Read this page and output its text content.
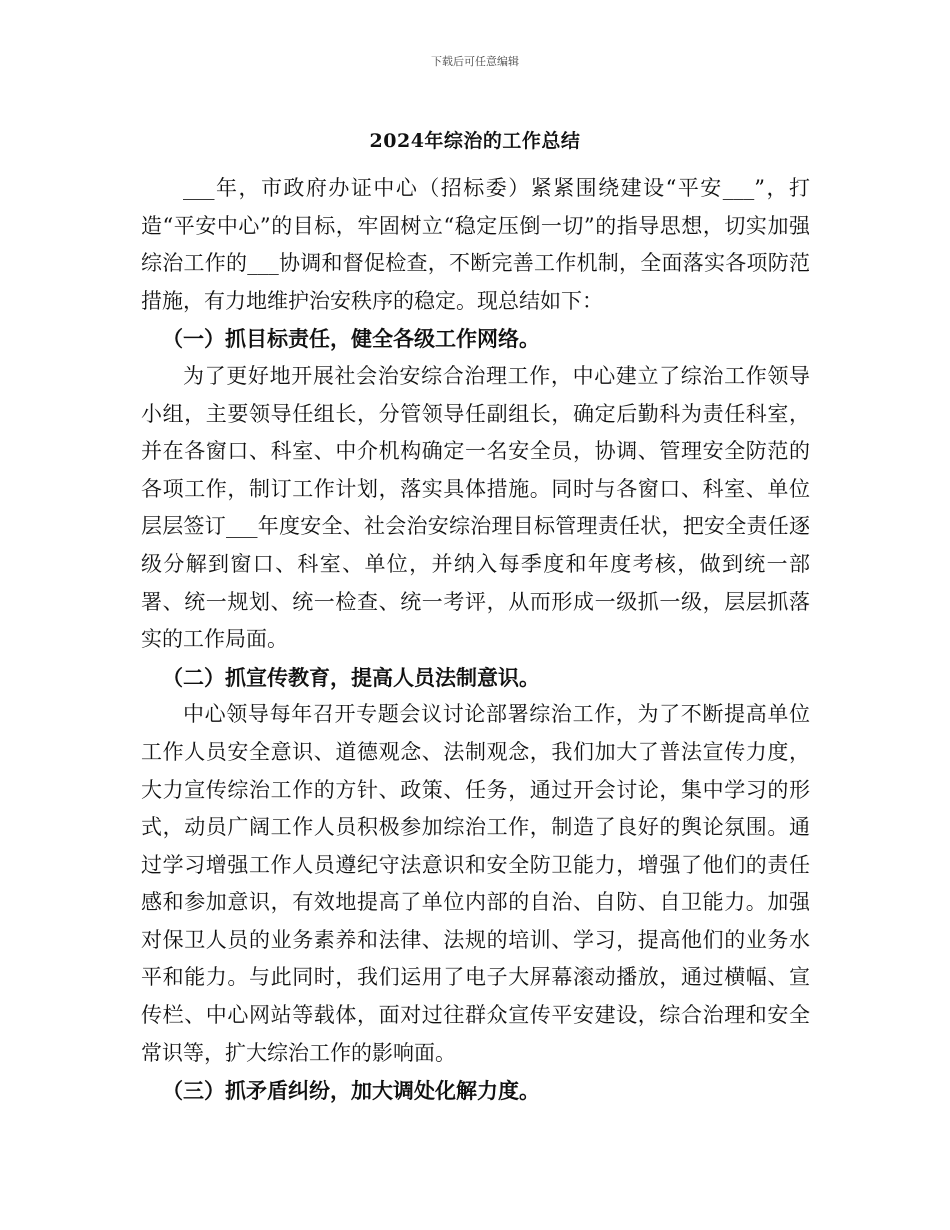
下载后可任意编辑
2024年综治的工作总结

___年，市政府办证中心（招标委）紧紧围绕建设“平安___”，打造“平安中心”的目标，牢固树立“稳定压倒一切”的指导思想，切实加强综治工作的___协调和督促检查，不断完善工作机制，全面落实各项防范措施，有力地维护治安秩序的稳定。现总结如下：

（一）抓目标责任，健全各级工作网络。

为了更好地开展社会治安综合治理工作，中心建立了综治工作领导小组，主要领导任组长，分管领导任副组长，确定后勤科为责任科室，并在各窗口、科室、中介机构确定一名安全员，协调、管理安全防范的各项工作，制订工作计划，落实具体措施。同时与各窗口、科室、单位层层签订___年度安全、社会治安综治理目标管理责任状，把安全责任逐级分解到窗口、科室、单位，并纳入每季度和年度考核，做到统一部署、统一规划、统一检查、统一考评，从而形成一级抓一级，层层抓落实的工作局面。

（二）抓宣传教育，提高人员法制意识。

中心领导每年召开专题会议讨论部署综治工作，为了不断提高单位工作人员安全意识、道德观念、法制观念，我们加大了普法宣传力度，大力宣传综治工作的方针、政策、任务，通过开会讨论，集中学习的形式，动员广阔工作人员积极参加综治工作，制造了良好的舆论氛围。通过学习增强工作人员遵纪守法意识和安全防卫能力，增强了他们的责任感和参加意识，有效地提高了单位内部的自治、自防、自卫能力。加强对保卫人员的业务素养和法律、法规的培训、学习，提高他们的业务水平和能力。与此同时，我们运用了电子大屏幕滚动播放，通过横幅、宣传栏、中心网站等载体，面对过往群众宣传平安建设，综合治理和安全常识等，扩大综治工作的影响面。

（三）抓矛盾纠纷，加大调处化解力度。
